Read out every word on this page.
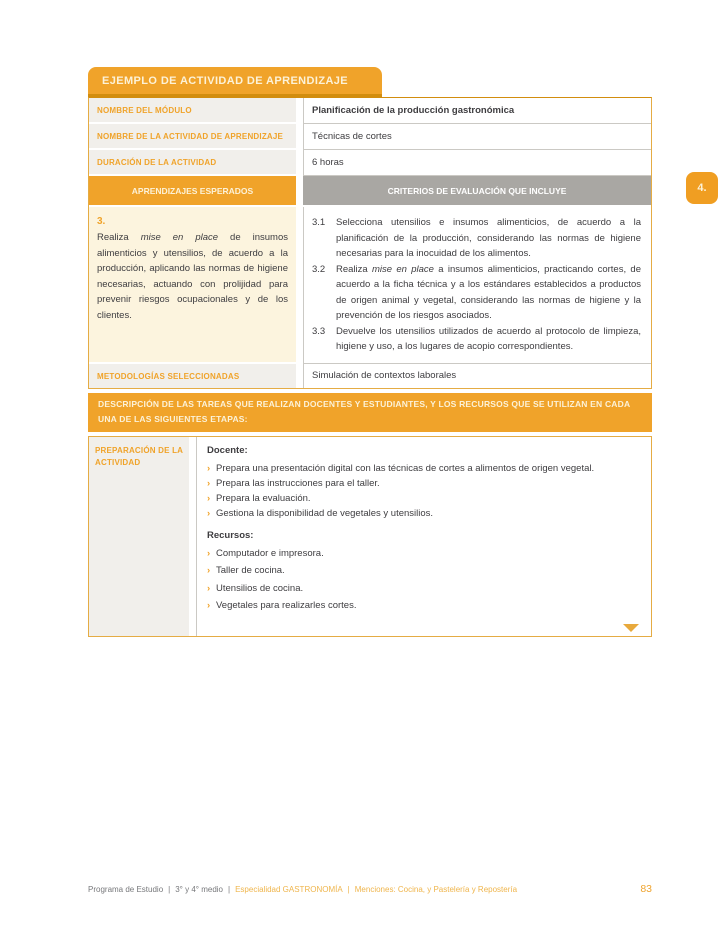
4.
EJEMPLO DE ACTIVIDAD DE APRENDIZAJE
NOMBRE DEL MÓDULO	Planificación de la producción gastronómica
NOMBRE DE LA ACTIVIDAD DE APRENDIZAJE	Técnicas de cortes
DURACIÓN DE LA ACTIVIDAD	6 horas
APRENDIZAJES ESPERADOS	CRITERIOS DE EVALUACIÓN QUE INCLUYE
3.
Realiza mise en place de insumos alimenticios y utensilios, de acuerdo a la producción, aplicando las normas de higiene necesarias, actuando con prolijidad para prevenir riesgos ocupacionales y de los clientes.
3.1	Selecciona utensilios e insumos alimenticios, de acuerdo a la planificación de la producción, considerando las normas de higiene necesarias para la inocuidad de los alimentos.
3.2	Realiza mise en place a insumos alimenticios, practicando cortes, de acuerdo a la ficha técnica y a los estándares establecidos a productos de origen animal y vegetal, considerando las normas de higiene y la prevención de los riesgos asociados.
3.3	Devuelve los utensilios utilizados de acuerdo al protocolo de limpieza, higiene y uso, a los lugares de acopio correspondientes.
METODOLOGÍAS SELECCIONADAS	Simulación de contextos laborales
DESCRIPCIÓN DE LAS TAREAS QUE REALIZAN DOCENTES Y ESTUDIANTES, Y LOS RECURSOS QUE SE UTILIZAN EN CADA UNA DE LAS SIGUIENTES ETAPAS:
PREPARACIÓN DE LA ACTIVIDAD
Docente:
› Prepara una presentación digital con las técnicas de cortes a alimentos de origen vegetal.
› Prepara las instrucciones para el taller.
› Prepara la evaluación.
› Gestiona la disponibilidad de vegetales y utensilios.
Recursos:
› Computador e impresora.
› Taller de cocina.
› Utensilios de cocina.
› Vegetales para realizarles cortes.
Programa de Estudio | 3° y 4° medio | Especialidad GASTRONOMÍA | Menciones: Cocina, y Pastelería y Repostería	83
